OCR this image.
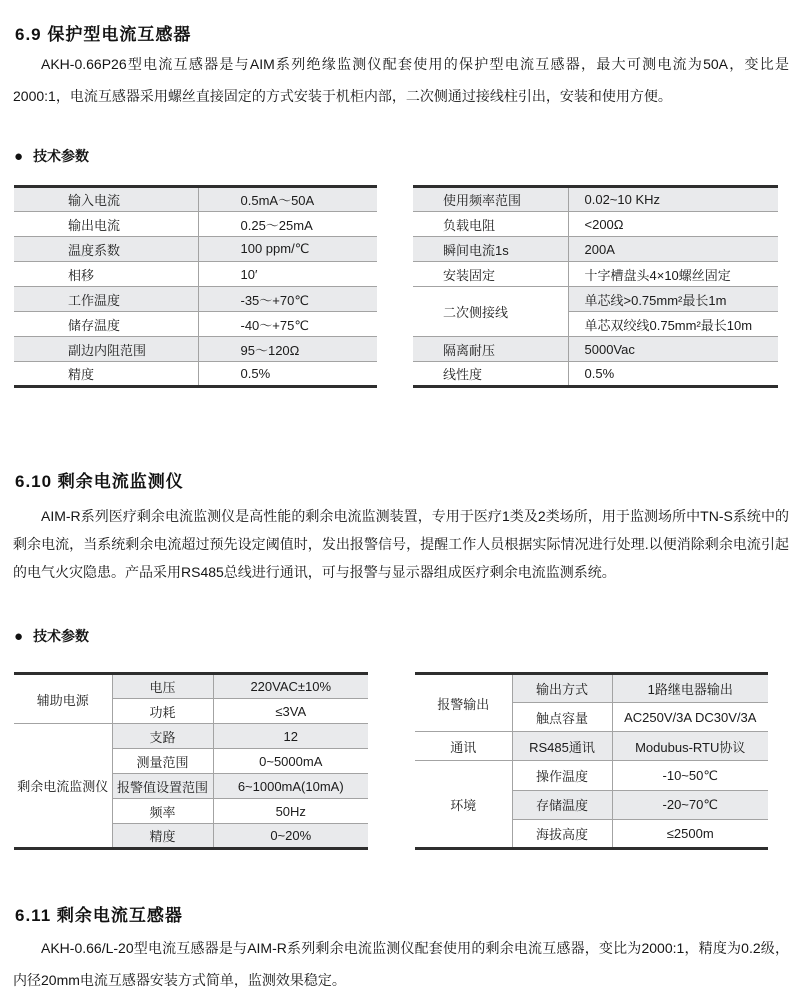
6.9 保护型电流互感器

AKH-0.66P26型电流互感器是与AIM系列绝缘监测仪配套使用的保护型电流互感器，最大可测电流为50A，变比是2000:1，电流互感器采用螺丝直接固定的方式安装于机柜内部，二次侧通过接线柱引出，安装和使用方便。

● 技术参数
输入电流	0.5mA～50A
输出电流	0.25～25mA
温度系数	100 ppm/℃
相移	10′
工作温度	-35～+70℃
储存温度	-40～+75℃
副边内阻范围	95～120Ω
精度	0.5%
使用频率范围	0.02~10 KHz
负载电阻	<200Ω
瞬间电流1s	200A
安装固定	十字槽盘头4×10螺丝固定
二次侧接线	单芯线>0.75mm²最长1m
	单芯双绞线0.75mm²最长10m
隔离耐压	5000Vac
线性度	0.5%
6.10 剩余电流监测仪

AIM-R系列医疗剩余电流监测仪是高性能的剩余电流监测装置，专用于医疗1类及2类场所，用于监测场所中TN-S系统中的剩余电流，当系统剩余电流超过预先设定阈值时，发出报警信号，提醒工作人员根据实际情况进行处理.以便消除剩余电流引起的电气火灾隐患。产品采用RS485总线进行通讯，可与报警与显示器组成医疗剩余电流监测系统。

● 技术参数
辅助电源	电压	220VAC±10%
	功耗	≤3VA
剩余电流监测仪	支路	12
	测量范围	0~5000mA
	报警值设置范围	6~1000mA(10mA)
	频率	50Hz
	精度	0~20%
报警输出	输出方式	1路继电器输出
	触点容量	AC250V/3A DC30V/3A
通讯	RS485通讯	Modubus-RTU协议
环境	操作温度	-10~50℃
	存储温度	-20~70℃
	海拔高度	≤2500m
6.11 剩余电流互感器

AKH-0.66/L-20型电流互感器是与AIM-R系列剩余电流监测仪配套使用的剩余电流互感器，变比为2000:1，精度为0.2级，内径20mm电流互感器安装方式简单，监测效果稳定。
